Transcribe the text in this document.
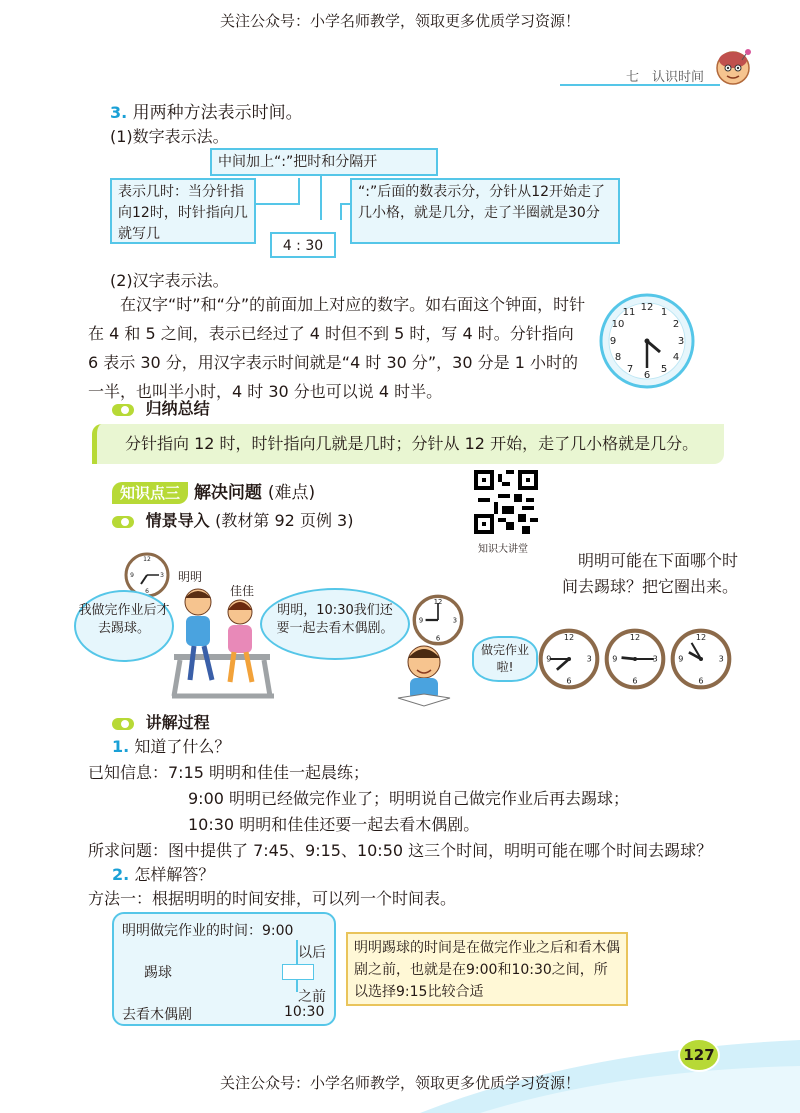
关注公众号：小学名师教学，领取更多优质学习资源！
七　认识时间
3. 用两种方法表示时间。
(1)数字表示法。
中间加上“:”把时和分隔开
表示几时：当分针指向12时，时针指向几就写几
“:”后面的数表示分，分针从12开始走了几小格，就是几分，走了半圈就是30分
4 : 30
(2)汉字表示法。

在汉字“时”和“分”的前面加上对应的数字。如右面这个钟面，时针在 4 和 5 之间，表示已经过了 4 时但不到 5 时，写 4 时。分针指向 6 表示 30 分，用汉字表示时间就是“4 时 30 分”，30 分是 1 小时的一半，也叫半小时，4 时 30 分也可以说 4 时半。

12 1
2
3
4
5
6
7
8
9
10
11
归纳总结
分针指向 12 时，时针指向几就是几时；分针从 12 开始，走了几小格就是几分。
知识点三 解决问题 (难点)
情景导入 (教材第 92 页例 3)
知识大讲堂
12
3
6
9	明明
佳佳
我做完作业后才去踢球。
明明，10:30我们还要一起去看木偶剧。
12
3
6
9
做完作业啦!
明明可能在下面哪个时间去踢球？把它圈出来。
12
3
6
9
12
3
6
9
12
3
6
9
讲解过程
1. 知道了什么？
已知信息：7:15 明明和佳佳一起晨练；
9:00 明明已经做完作业了；明明说自己做完作业后再去踢球；
10:30 明明和佳佳还要一起去看木偶剧。
所求问题：图中提供了 7:45、9:15、10:50 这三个时间，明明可能在哪个时间去踢球？
2. 怎样解答？
方法一：根据明明的时间安排，可以列一个时间表。
明明做完作业的时间：9:00
以后
踢球
之前
去看木偶剧	10:30
明明踢球的时间是在做完作业之后和看木偶剧之前，也就是在9:00和10:30之间，所以选择9:15比较合适
127
关注公众号：小学名师教学，领取更多优质学习资源！
